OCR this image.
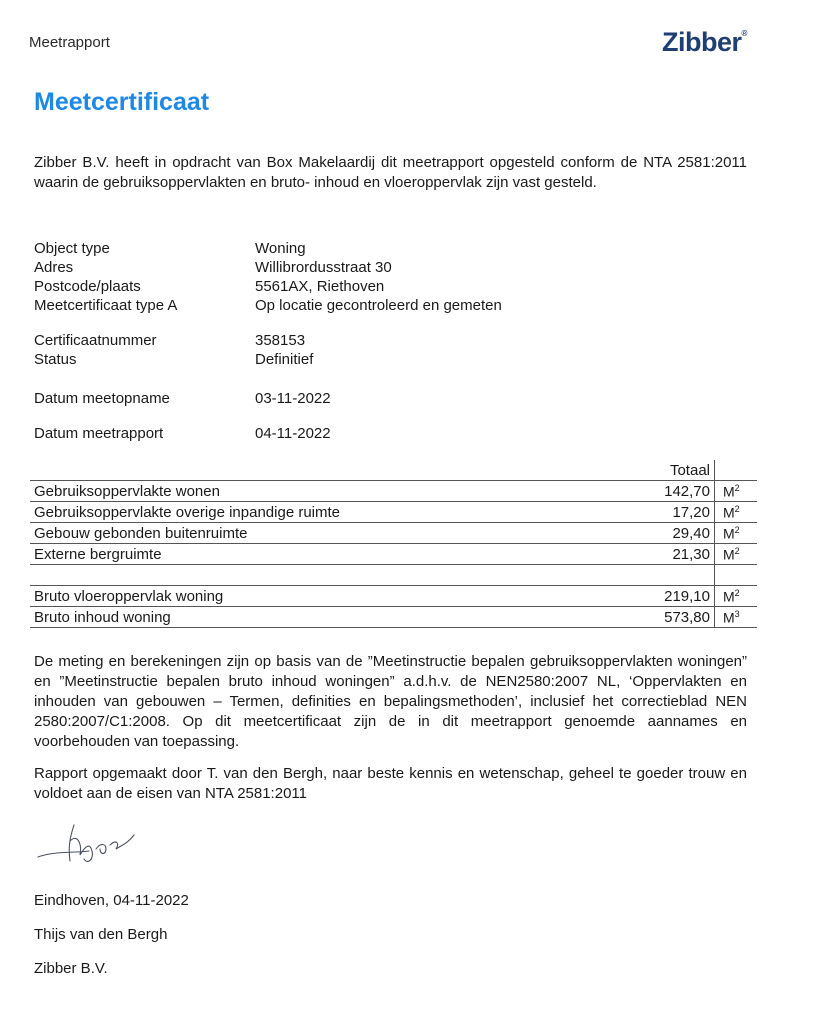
Meetrapport	Zibber®
Meetcertificaat

Zibber B.V. heeft in opdracht van Box Makelaardij dit meetrapport opgesteld conform de NTA 2581:2011 waarin de gebruiksoppervlakten en bruto- inhoud en vloeroppervlak zijn vast gesteld.

Object type	Woning
Adres	Willibrordusstraat 30
Postcode/plaats	5561AX, Riethoven
Meetcertificaat type A	Op locatie gecontroleerd en gemeten
Certificaatnummer	358153
Status	Definitief
Datum meetopname	03-11-2022
Datum meetrapport	04-11-2022
Totaal
Gebruiksoppervlakte wonen	142,70 $M^2$
Gebruiksoppervlakte overige inpandige ruimte	17,20 $M^2$
Gebouw gebonden buitenruimte	29,40 $M^2$
Externe bergruimte	21,30 $M^2$
Bruto vloeroppervlak woning	219,10 $M^2$
Bruto inhoud woning	573,80 $M^3$

De meting en berekeningen zijn op basis van de ”Meetinstructie bepalen gebruiksoppervlakten woningen” en ”Meetinstructie bepalen bruto inhoud woningen” a.d.h.v. de NEN2580:2007 NL, ‘Oppervlakten en inhouden van gebouwen – Termen, definities en bepalingsmethoden’, inclusief het correctieblad NEN 2580:2007/C1:2008. Op dit meetcertificaat zijn de in dit meetrapport genoemde aannames en voorbehouden van toepassing.

Rapport opgemaakt door T. van den Bergh, naar beste kennis en wetenschap, geheel te goeder trouw en voldoet aan de eisen van NTA 2581:2011

Eindhoven, 04-11-2022

Thijs van den Bergh

Zibber B.V.
